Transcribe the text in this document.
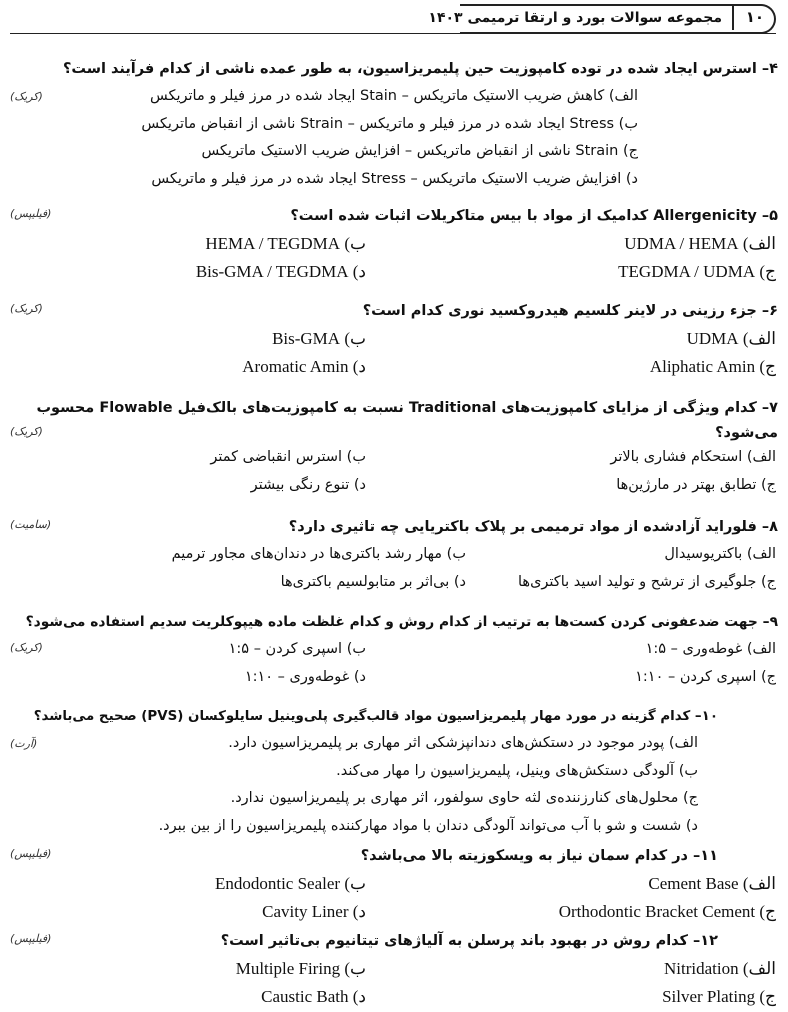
۱۰
مجموعه سوالات بورد و ارتقا ترمیمی ۱۴۰۳
۴– استرس ایجاد شده در توده کامپوزیت حین پلیمریزاسیون، به طور عمده ناشی از کدام فرآیند است؟
(کریک)	الف) کاهش ضریب الاستیک ماتریکس – Stain ایجاد شده در مرز فیلر و ماتریکس
ب) Stress ایجاد شده در مرز فیلر و ماتریکس – Strain ناشی از انقباض ماتریکس
ج) Strain ناشی از انقباض ماتریکس – افزایش ضریب الاستیک ماتریکس
د) افزایش ضریب الاستیک ماتریکس – Stress ایجاد شده در مرز فیلر و ماتریکس
۵– Allergenicity کدامیک از مواد با بیس متاکریلات اثبات شده است؟
(فیلیپس)
الف) UDMA / HEMA
ب) HEMA / TEGDMA
ج) TEGDMA / UDMA
د) Bis-GMA / TEGDMA
۶– جزء رزینی در لاینر کلسیم هیدروکسید نوری کدام است؟
(کریک)
الف) UDMA
ب) Bis-GMA
ج) Aliphatic Amin
د) Aromatic Amin
۷– کدام ویژگی از مزایای کامپوزیت‌های Traditional نسبت به کامپوزیت‌های بالک‌فیل Flowable محسوب
می‌شود؟
(کریک)
الف) استحکام فشاری بالاتر
ب) استرس انقباضی کمتر
ج) تطابق بهتر در مارژین‌ها
د) تنوع رنگی بیشتر
۸– فلوراید آزادشده از مواد ترمیمی بر پلاک باکتریایی چه تاثیری دارد؟
(سامیت)
الف) باکتریوسیدال
ب) مهار رشد باکتری‌ها در دندان‌های مجاور ترمیم
ج) جلوگیری از ترشح و تولید اسید باکتری‌ها
د) بی‌اثر بر متابولسیم باکتری‌ها
۹– جهت ضدعفونی کردن کست‌ها به ترتیب از کدام روش و کدام غلظت ماده هیپوکلریت سدیم استفاده می‌شود؟
(کریک)	الف) غوطه‌وری – ۱:۵
ب) اسپری کردن – ۱:۵
ج) اسپری کردن – ۱:۱۰
د) غوطه‌وری – ۱:۱۰
۱۰– کدام گزینه در مورد مهار پلیمریزاسیون مواد قالب‌گیری پلی‌وینیل سایلوکسان (PVS) صحیح می‌باشد؟
(آرت)	الف) پودر موجود در دستکش‌های دندانپزشکی اثر مهاری بر پلیمریزاسیون دارد.
ب) آلودگی دستکش‌های وینیل، پلیمریزاسیون را مهار می‌کند.
ج) محلول‌های کنارزننده‌ی لثه حاوی سولفور، اثر مهاری بر پلیمریزاسیون ندارد.
د) شست و شو با آب می‌تواند آلودگی دندان با مواد مهارکننده پلیمریزاسیون را از بین ببرد.
۱۱– در کدام سمان نیاز به ویسکوزیته بالا می‌باشد؟
(فیلیپس)
الف) Cement Base
ب) Endodontic Sealer
ج) Orthodontic Bracket Cement
د) Cavity Liner
۱۲– کدام روش در بهبود باند پرسلن به آلیاژهای تیتانیوم بی‌تاثیر است؟
(فیلیپس)
الف) Nitridation
ب) Multiple Firing
ج) Silver Plating
د) Caustic Bath
